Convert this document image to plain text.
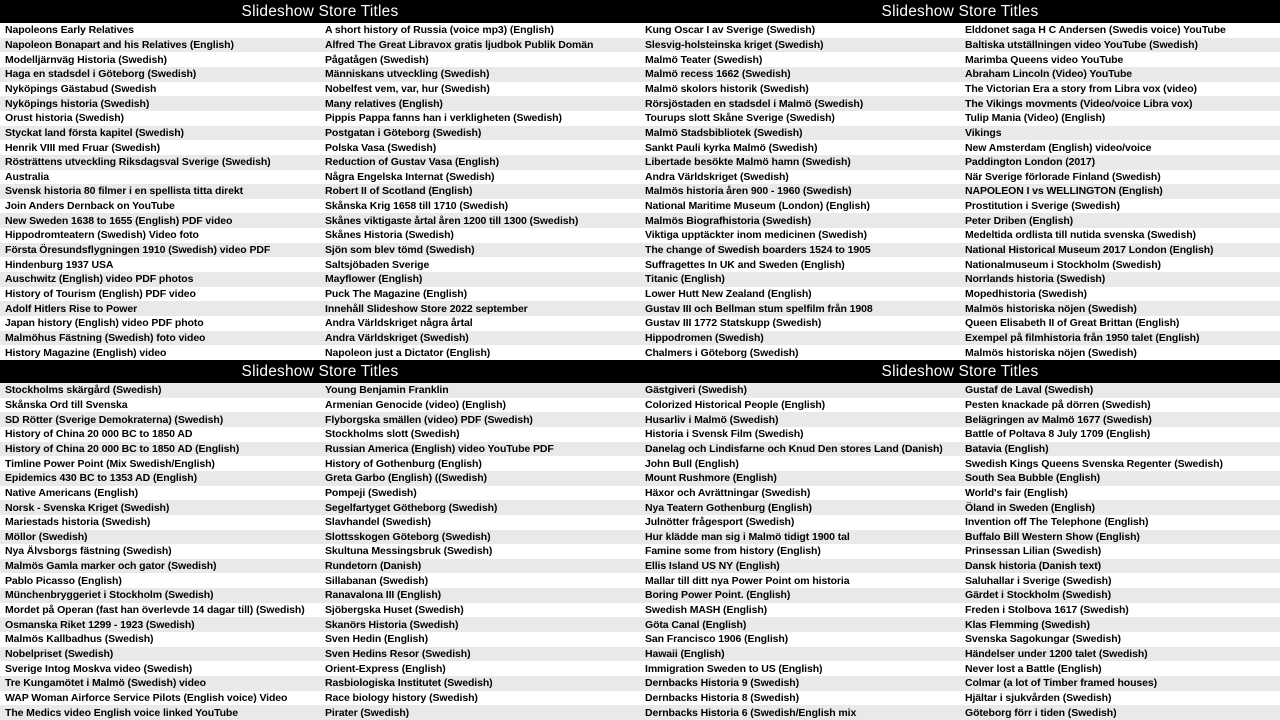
Slideshow Store Titles	Slideshow Store Titles
Napoleons Early Relatives
Napoleon Bonapart and his Relatives (English)
Modelljärnväg Historia (Swedish)
Haga en stadsdel i Göteborg (Swedish)
Nyköpings Gästabud (Swedish
Nyköpings historia (Swedish)
Orust historia (Swedish)
Styckat land första kapitel (Swedish)
Henrik VIII med Fruar (Swedish)
Rösträttens utveckling Riksdagsval Sverige (Swedish)
Australia
Svensk historia 80 filmer i en spellista titta direkt
Join Anders Dernback on YouTube
New Sweden 1638 to 1655 (English) PDF video
Hippodromteatern (Swedish) Video foto
Första Öresundsflygningen 1910 (Swedish) video PDF
Hindenburg 1937 USA
Auschwitz (English) video PDF photos
History of Tourism (English) PDF video
Adolf Hitlers Rise to Power
Japan history (English) video PDF photo
Malmöhus Fästning (Swedish) foto video
History Magazine (English) video
A short history of Russia (voice mp3) (English)
Alfred The Great Libravox gratis ljudbok Publik Domän
Pågatågen (Swedish)
Människans utveckling (Swedish)
Nobelfest vem, var, hur (Swedish)
Many relatives (English)
Pippis Pappa fanns han i verkligheten (Swedish)
Postgatan i Göteborg (Swedish)
Polska Vasa (Swedish)
Reduction of Gustav Vasa (English)
Några Engelska Internat (Swedish)
Robert II of Scotland (English)
Skånska Krig 1658 till 1710 (Swedish)
Skånes viktigaste årtal åren 1200 till 1300 (Swedish)
Skånes Historia (Swedish)
Sjön som blev tömd (Swedish)
Saltsjöbaden Sverige
Mayflower (English)
Puck The Magazine (English)
Innehåll Slideshow Store 2022 september
Andra Världskriget några årtal
Andra Världskriget (Swedish)
Napoleon just a Dictator (English)
Kung Oscar I av Sverige (Swedish)
Slesvig-holsteinska kriget (Swedish)
Malmö Teater (Swedish)
Malmö recess 1662 (Swedish)
Malmö skolors historik (Swedish)
Rörsjöstaden en stadsdel i Malmö (Swedish)
Tourups slott Skåne Sverige (Swedish)
Malmö Stadsbibliotek (Swedish)
Sankt Pauli kyrka Malmö (Swedish)
Libertade besökte Malmö hamn (Swedish)
Andra Världskriget (Swedish)
Malmös historia åren 900 - 1960 (Swedish)
National Maritime Museum (London) (English)
Malmös Biografhistoria (Swedish)
Viktiga upptäckter inom medicinen (Swedish)
The change of Swedish boarders 1524 to 1905
Suffragettes In UK and Sweden (English)
Titanic (English)
Lower Hutt New Zealand (English)
Gustav III och Bellman stum spelfilm från 1908
Gustav III 1772 Statskupp (Swedish)
Hippodromen (Swedish)
Chalmers i Göteborg (Swedish)
Elddonet saga H C Andersen (Swedis voice) YouTube
Baltiska utställningen video YouTube (Swedish)
Marimba Queens video YouTube
Abraham Lincoln (Video) YouTube
The Victorian Era a story from Libra vox (video)
The Vikings movments (Video/voice Libra vox)
Tulip Mania (Video) (English)
Vikings
New Amsterdam (English) video/voice
Paddington London (2017)
När Sverige förlorade Finland (Swedish)
NAPOLEON I vs WELLINGTON (English)
Prostitution i Sverige (Swedish)
Peter Driben (English)
Medeltida ordlista till nutida svenska (Swedish)
National Historical Museum 2017 London (English)
Nationalmuseum i Stockholm (Swedish)
Norrlands historia (Swedish)
Mopedhistoria (Swedish)
Malmös historiska nöjen (Swedish)
Queen Elisabeth II of Great Brittan (English)
Exempel på filmhistoria från 1950 talet (English)
Malmös historiska nöjen (Swedish)
Slideshow Store Titles	Slideshow Store Titles
Stockholms skärgård (Swedish)
Skånska Ord till Svenska
SD Rötter (Sverige Demokraterna) (Swedish)
History of China 20 000 BC to 1850 AD
History of China 20 000 BC to 1850 AD (English)
Timline Power Point (Mix Swedish/English)
Epidemics 430 BC to 1353 AD (English)
Native Americans (English)
Norsk - Svenska Kriget (Swedish)
Mariestads historia (Swedish)
Möllor (Swedish)
Nya Älvsborgs fästning (Swedish)
Malmös Gamla marker och gator (Swedish)
Pablo Picasso (English)
Münchenbryggeriet i Stockholm (Swedish)
Mordet på Operan (fast han överlevde 14 dagar till) (Swedish)
Osmanska Riket 1299 - 1923 (Swedish)
Malmös Kallbadhus (Swedish)
Nobelpriset (Swedish)
Sverige Intog Moskva video (Swedish)
Tre Kungamötet i Malmö (Swedish) video
WAP Woman Airforce Service Pilots (English voice) Video
The Medics video English voice linked YouTube
Young Benjamin Franklin
Armenian Genocide (video) (English)
Flyborgska smällen (video) PDF (Swedish)
Stockholms slott (Swedish)
Russian America (English) video YouTube PDF
History of Gothenburg (English)
Greta Garbo (English) ((Swedish)
Pompeji (Swedish)
Segelfartyget Götheborg (Swedish)
Slavhandel (Swedish)
Slottsskogen Göteborg (Swedish)
Skultuna Messingsbruk (Swedish)
Rundetorn (Danish)
Sillabanan (Swedish)
Ranavalona III (English)
Sjöbergska Huset (Swedish)
Skanörs Historia (Swedish)
Sven Hedin (English)
Sven Hedins Resor (Swedish)
Orient-Express (English)
Rasbiologiska Institutet (Swedish)
Race biology history (Swedish)
Pirater (Swedish)
Gästgiveri (Swedish)
Colorized Historical People (English)
Husarliv i Malmö (Swedish)
Historia i Svensk Film (Swedish)
Danelag och Lindisfarne och Knud Den stores Land (Danish)
John Bull (English)
Mount Rushmore (English)
Häxor och Avrättningar (Swedish)
Nya Teatern Gothenburg (English)
Julnötter frågesport (Swedish)
Hur klädde man sig i Malmö tidigt 1900 tal
Famine some from history (English)
Ellis Island US NY (English)
Mallar till ditt nya Power Point om historia
Boring Power Point. (English)
Swedish MASH (English)
Göta Canal (English)
San Francisco 1906 (English)
Hawaii (English)
Immigration Sweden to US (English)
Dernbacks Historia 9 (Swedish)
Dernbacks Historia 8 (Swedish)
Dernbacks Historia 6 (Swedish/English mix
Gustaf de Laval (Swedish)
Pesten knackade på dörren (Swedish)
Belägringen av Malmö 1677 (Swedish)
Battle of Poltava 8 July 1709 (English)
Batavia (English)
Swedish Kings Queens Svenska Regenter (Swedish)
South Sea Bubble (English)
World's fair (English)
Öland in Sweden (English)
Invention off The Telephone (English)
Buffalo Bill Western Show (English)
Prinsessan Lilian (Swedish)
Dansk historia (Danish text)
Saluhallar i Sverige (Swedish)
Gärdet i Stockholm (Swedish)
Freden i Stolbova 1617 (Swedish)
Klas Flemming (Swedish)
Svenska Sagokungar (Swedish)
Händelser under 1200 talet (Swedish)
Never lost a Battle (English)
Colmar (a lot of Timber framed houses)
Hjältar i sjukvården (Swedish)
Göteborg förr i tiden (Swedish)
